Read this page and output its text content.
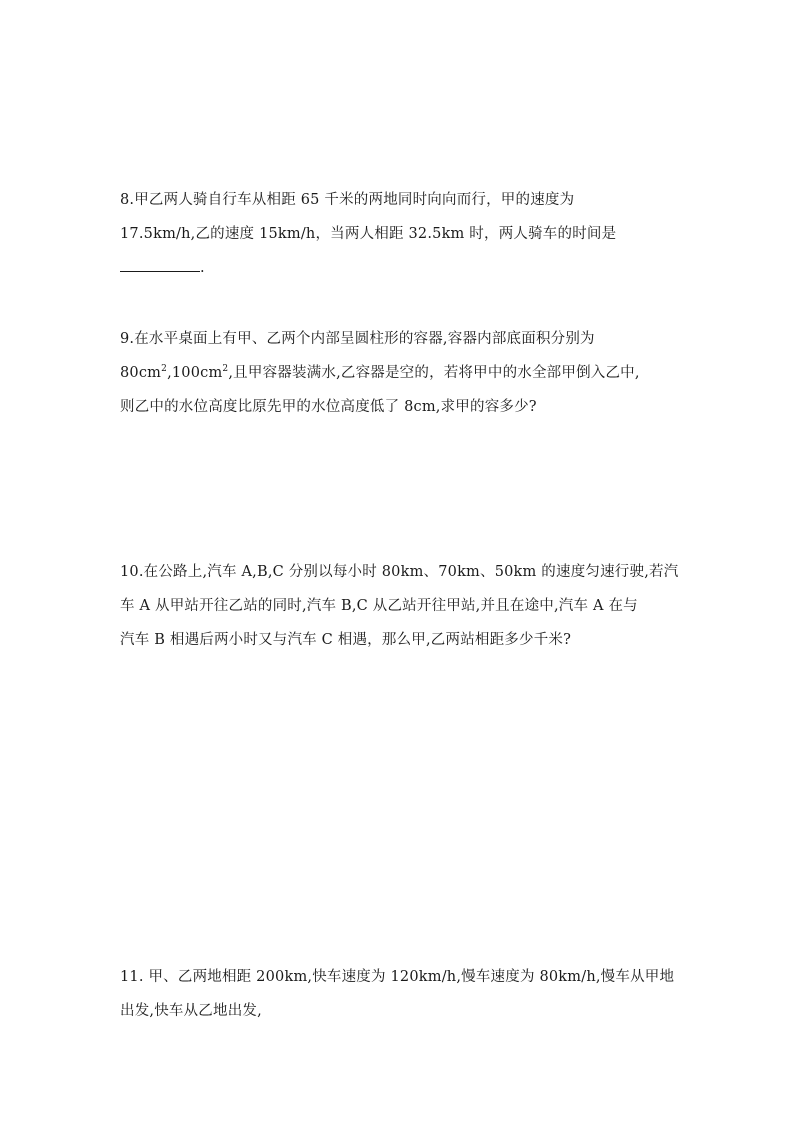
8.甲乙两人骑自行车从相距 65 千米的两地同时向向而行，甲的速度为
17.5km/h,乙的速度 15km/h，当两人相距 32.5km 时，两人骑车的时间是
.
9.在水平桌面上有甲、乙两个内部呈圆柱形的容器,容器内部底面积分别为
$80cm^2,100cm^2$,且甲容器装满水,乙容器是空的，若将甲中的水全部甲倒入乙中,
则乙中的水位高度比原先甲的水位高度低了 8cm,求甲的容多少?
10.在公路上,汽车 A,B,C 分别以每小时 80km、70km、50km 的速度匀速行驶,若汽
车 A 从甲站开往乙站的同时,汽车 B,C 从乙站开往甲站,并且在途中,汽车 A 在与
汽车 B 相遇后两小时又与汽车 C 相遇，那么甲,乙两站相距多少千米?
11. 甲、乙两地相距 200km,快车速度为 120km/h,慢车速度为 80km/h,慢车从甲地
出发,快车从乙地出发,
